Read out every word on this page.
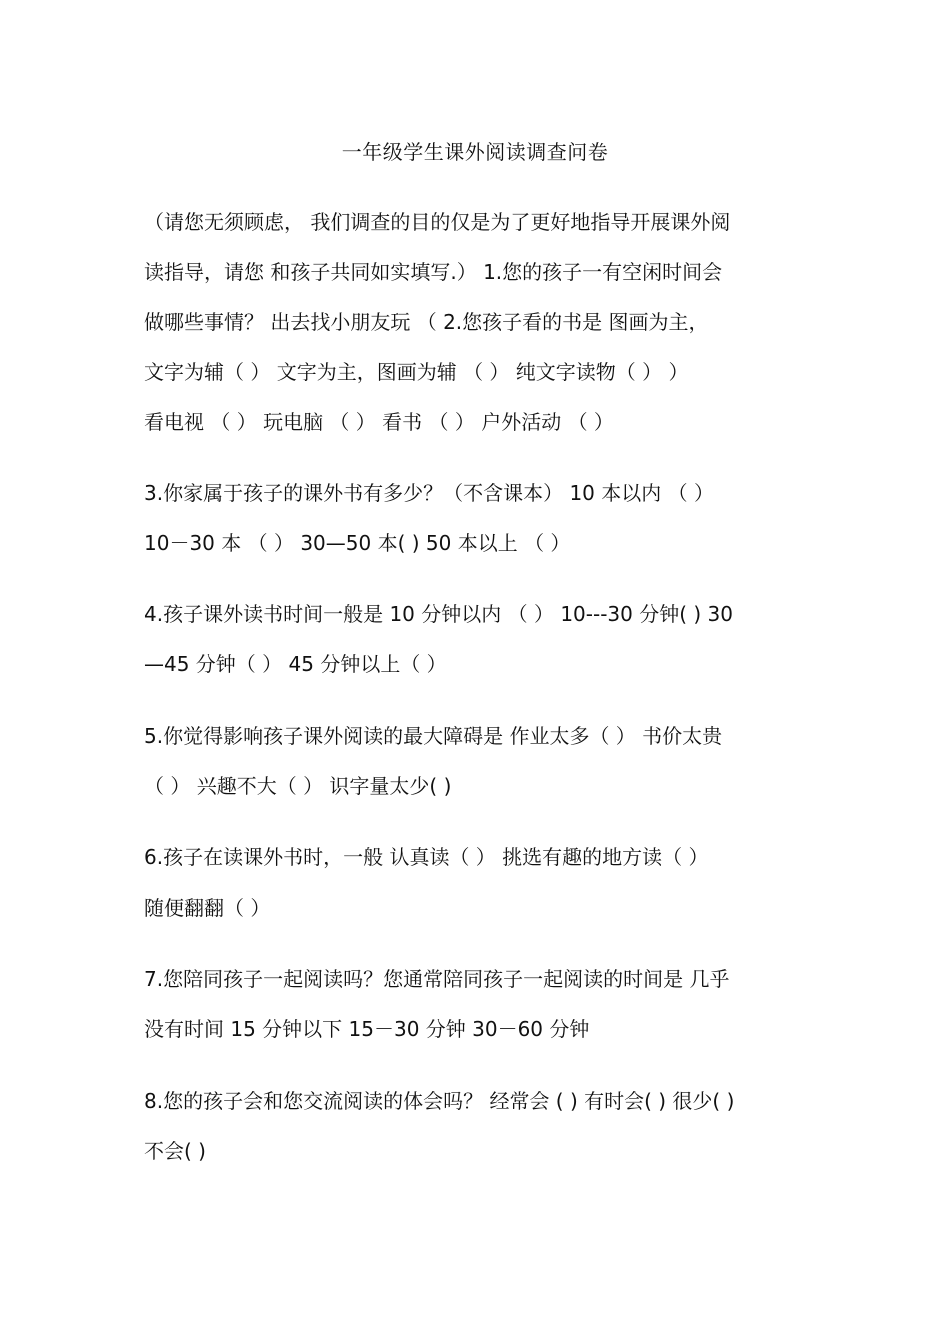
一年级学生课外阅读调查问卷
（请您无须顾虑， 我们调查的目的仅是为了更好地指导开展课外阅
读指导，请您 和孩子共同如实填写.） 1.您的孩子一有空闲时间会
做哪些事情？ 出去找小朋友玩 （ 2.您孩子看的书是 图画为主，
文字为辅（ ） 文字为主，图画为辅 （ ） 纯文字读物（ ） ）
看电视 （ ） 玩电脑 （ ） 看书 （ ） 户外活动 （ ）
3.你家属于孩子的课外书有多少？（不含课本） 10 本以内 （ ）
10－30 本 （ ） 30—50 本( ) 50 本以上 （ ）
4.孩子课外读书时间一般是 10 分钟以内 （ ） 10---30 分钟( ) 30
—45 分钟（ ） 45 分钟以上（ ）
5.你觉得影响孩子课外阅读的最大障碍是 作业太多（ ） 书价太贵
（ ） 兴趣不大（ ） 识字量太少( )
6.孩子在读课外书时，一般 认真读（ ） 挑选有趣的地方读（ ）
随便翻翻（ ）
7.您陪同孩子一起阅读吗？您通常陪同孩子一起阅读的时间是 几乎
没有时间 15 分钟以下 15－30 分钟 30－60 分钟
8.您的孩子会和您交流阅读的体会吗？ 经常会 ( ) 有时会( ) 很少( )
不会( )
